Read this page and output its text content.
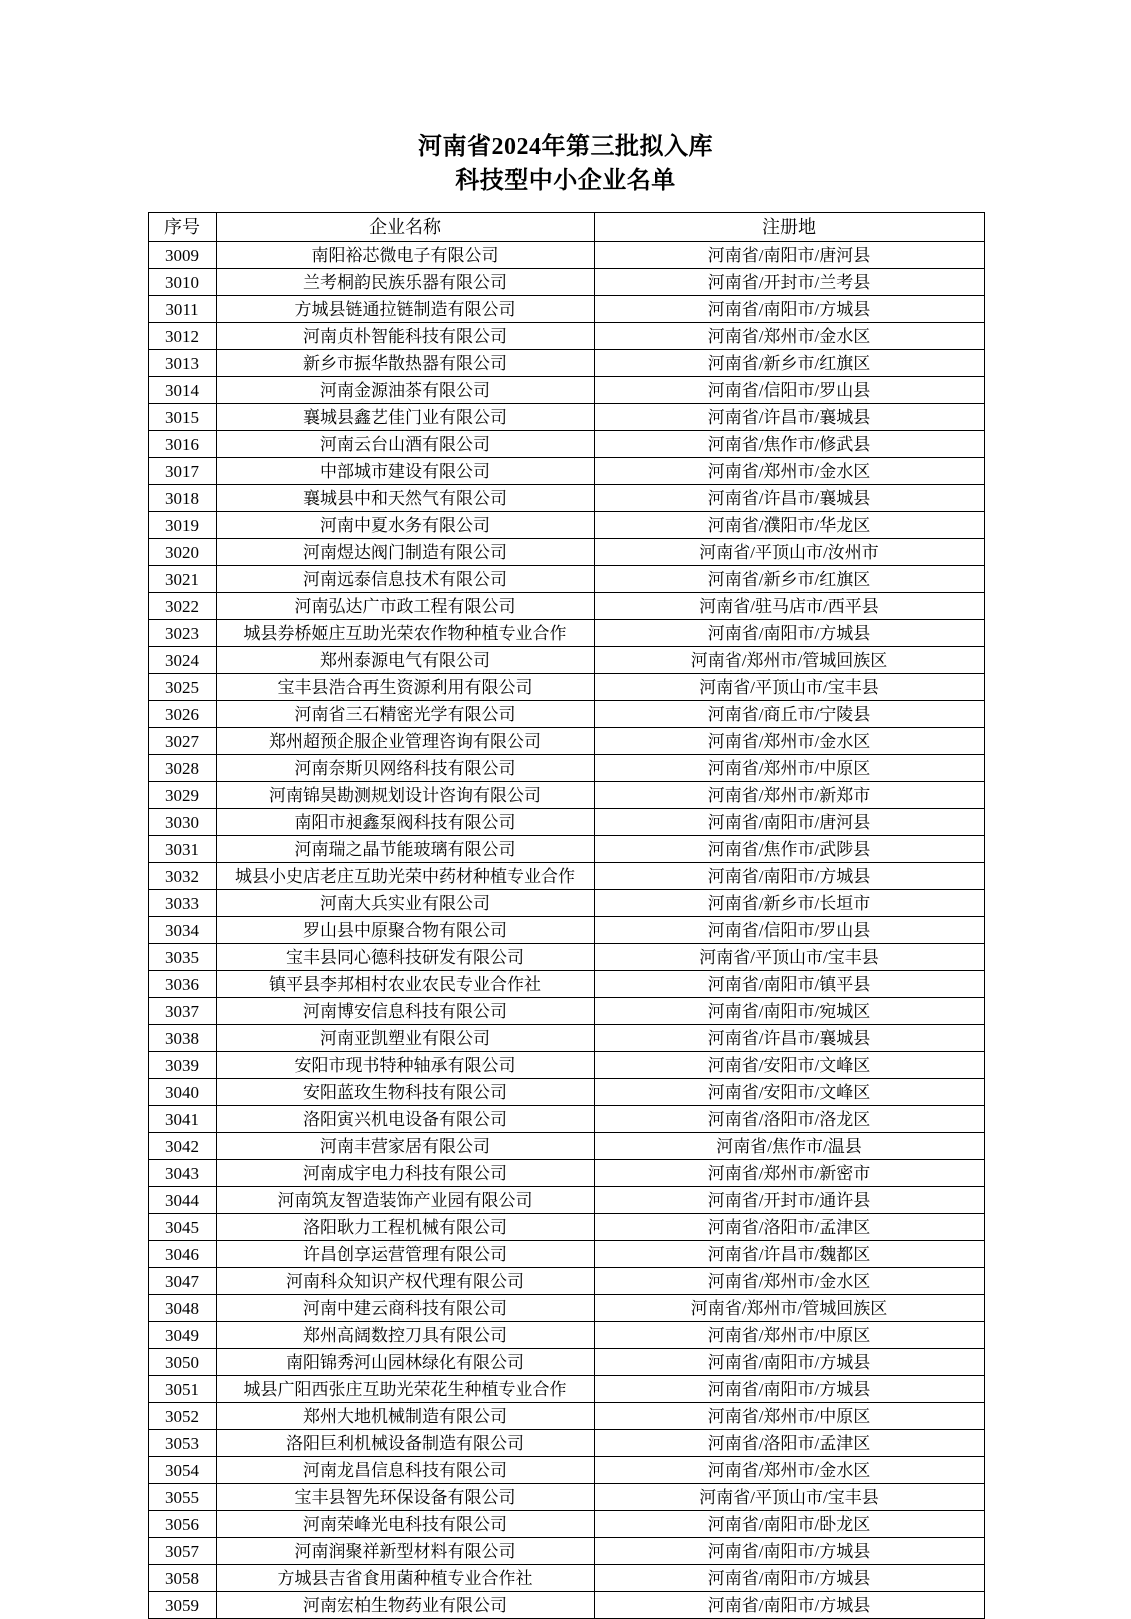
河南省2024年第三批拟入库
科技型中小企业名单
序号	企业名称	注册地
3009	南阳裕芯微电子有限公司	河南省/南阳市/唐河县
3010	兰考桐韵民族乐器有限公司	河南省/开封市/兰考县
3011	方城县链通拉链制造有限公司	河南省/南阳市/方城县
3012	河南贞朴智能科技有限公司	河南省/郑州市/金水区
3013	新乡市振华散热器有限公司	河南省/新乡市/红旗区
3014	河南金源油茶有限公司	河南省/信阳市/罗山县
3015	襄城县鑫艺佳门业有限公司	河南省/许昌市/襄城县
3016	河南云台山酒有限公司	河南省/焦作市/修武县
3017	中部城市建设有限公司	河南省/郑州市/金水区
3018	襄城县中和天然气有限公司	河南省/许昌市/襄城县
3019	河南中夏水务有限公司	河南省/濮阳市/华龙区
3020	河南煜达阀门制造有限公司	河南省/平顶山市/汝州市
3021	河南远泰信息技术有限公司	河南省/新乡市/红旗区
3022	河南弘达广市政工程有限公司	河南省/驻马店市/西平县
3023	城县券桥姬庄互助光荣农作物种植专业合作	河南省/南阳市/方城县
3024	郑州泰源电气有限公司	河南省/郑州市/管城回族区
3025	宝丰县浩合再生资源利用有限公司	河南省/平顶山市/宝丰县
3026	河南省三石精密光学有限公司	河南省/商丘市/宁陵县
3027	郑州超预企服企业管理咨询有限公司	河南省/郑州市/金水区
3028	河南奈斯贝网络科技有限公司	河南省/郑州市/中原区
3029	河南锦昊勘测规划设计咨询有限公司	河南省/郑州市/新郑市
3030	南阳市昶鑫泵阀科技有限公司	河南省/南阳市/唐河县
3031	河南瑞之晶节能玻璃有限公司	河南省/焦作市/武陟县
3032	城县小史店老庄互助光荣中药材种植专业合作	河南省/南阳市/方城县
3033	河南大兵实业有限公司	河南省/新乡市/长垣市
3034	罗山县中原聚合物有限公司	河南省/信阳市/罗山县
3035	宝丰县同心德科技研发有限公司	河南省/平顶山市/宝丰县
3036	镇平县李邦相村农业农民专业合作社	河南省/南阳市/镇平县
3037	河南博安信息科技有限公司	河南省/南阳市/宛城区
3038	河南亚凯塑业有限公司	河南省/许昌市/襄城县
3039	安阳市现书特种轴承有限公司	河南省/安阳市/文峰区
3040	安阳蓝玫生物科技有限公司	河南省/安阳市/文峰区
3041	洛阳寅兴机电设备有限公司	河南省/洛阳市/洛龙区
3042	河南丰营家居有限公司	河南省/焦作市/温县
3043	河南成宇电力科技有限公司	河南省/郑州市/新密市
3044	河南筑友智造装饰产业园有限公司	河南省/开封市/通许县
3045	洛阳耿力工程机械有限公司	河南省/洛阳市/孟津区
3046	许昌创享运营管理有限公司	河南省/许昌市/魏都区
3047	河南科众知识产权代理有限公司	河南省/郑州市/金水区
3048	河南中建云商科技有限公司	河南省/郑州市/管城回族区
3049	郑州高阔数控刀具有限公司	河南省/郑州市/中原区
3050	南阳锦秀河山园林绿化有限公司	河南省/南阳市/方城县
3051	城县广阳西张庄互助光荣花生种植专业合作	河南省/南阳市/方城县
3052	郑州大地机械制造有限公司	河南省/郑州市/中原区
3053	洛阳巨利机械设备制造有限公司	河南省/洛阳市/孟津区
3054	河南龙昌信息科技有限公司	河南省/郑州市/金水区
3055	宝丰县智先环保设备有限公司	河南省/平顶山市/宝丰县
3056	河南荣峰光电科技有限公司	河南省/南阳市/卧龙区
3057	河南润聚祥新型材料有限公司	河南省/南阳市/方城县
3058	方城县吉省食用菌种植专业合作社	河南省/南阳市/方城县
3059	河南宏柏生物药业有限公司	河南省/南阳市/方城县
